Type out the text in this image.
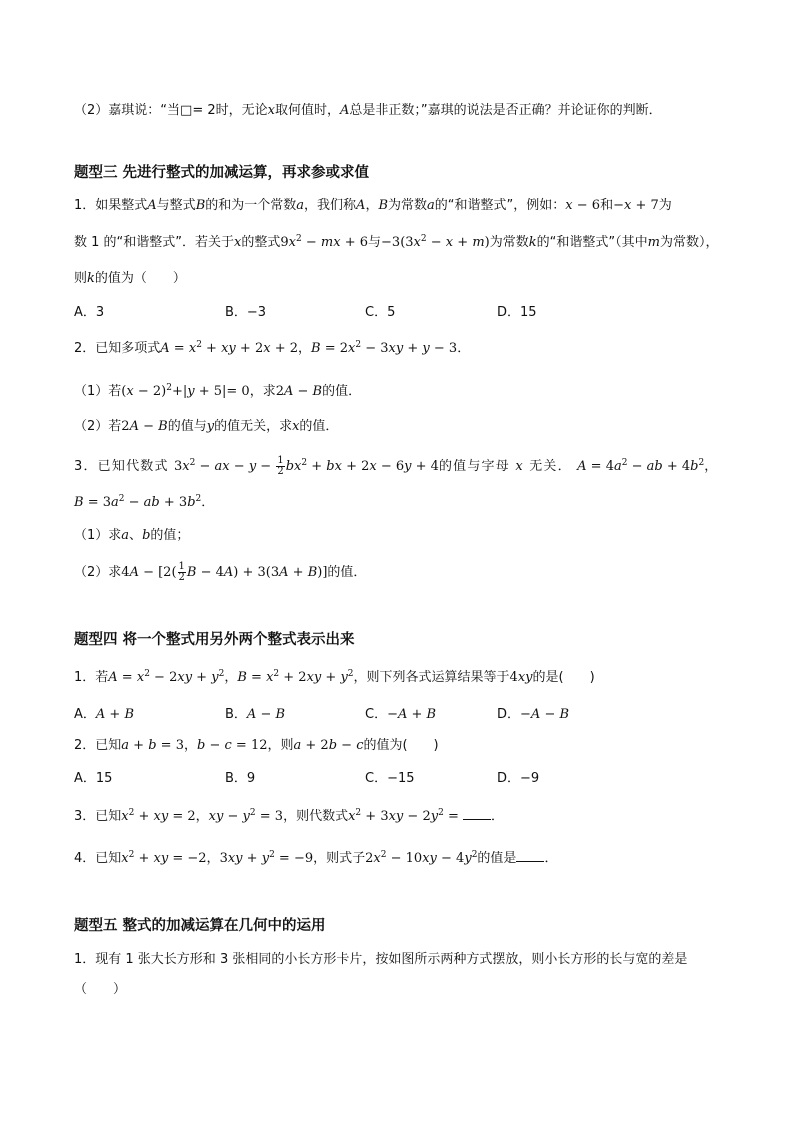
（2）嘉琪说：“当□= 2时，无论x取何值时，A总是非正数；”嘉琪的说法是否正确？并论证你的判断．
题型三 先进行整式的加减运算，再求参或求值
1．如果整式A与整式B的和为一个常数a，我们称A，B为常数a的“和谐整式”，例如：x − 6和−x + 7为
数 1 的“和谐整式”．若关于x的整式$9x^2$ − mx + 6与$-3(3x^2 - x + m)$为常数k的“和谐整式”（其中m为常数），
则k的值为（　　）
A．3	B．−3	C．5	D．15
2．已知多项式$A = x^2$ + xy + 2x + 2，$B = 2x^2 - 3xy + y - 3$．
（1）若$(x - 2)^2+|y + 5|= 0$，求2A − B的值．
（2）若2A − B的值与y的值无关，求x的值．
3．已知代数式 $3x^2$ − ax − $y - \frac{1}{2} bx^2$ + bx + 2x − 6y + 4的值与字母 x 无关． $A = 4a^2$ − ab + $4b^2$，
$B = 3a^2$ − ab + $3b^2$．
（1）求a、b的值；
（2）求$4A - [2( \frac{1}{2}$ B − 4A) + 3(3A + B)]的值．
题型四 将一个整式用另外两个整式表示出来
1．若$A = x^2 - 2xy + y^2$，$B = x^2 + 2xy + y^2$，则下列各式运算结果等于4xy的是(　　)
A．A + B	B．A − B	C．−A + B	D．−A − B
2．已知a + b = 3，b − c = 12，则a + 2b − c的值为(　　)
A．15	B．9	C．−15	D．−9
3．已知$x^2$ + xy = 2，xy − $y^2 = 3$，则代数式$x^2 + 3xy - 2y^2$ = ．
4．已知$x^2$ + xy = −2，$3xy + y^2 = -9$，则式子$2x^2 - 10xy - 4y^2$的值是 ．
题型五 整式的加减运算在几何中的运用
1．现有 1 张大长方形和 3 张相同的小长方形卡片，按如图所示两种方式摆放，则小长方形的长与宽的差是
（　　）
